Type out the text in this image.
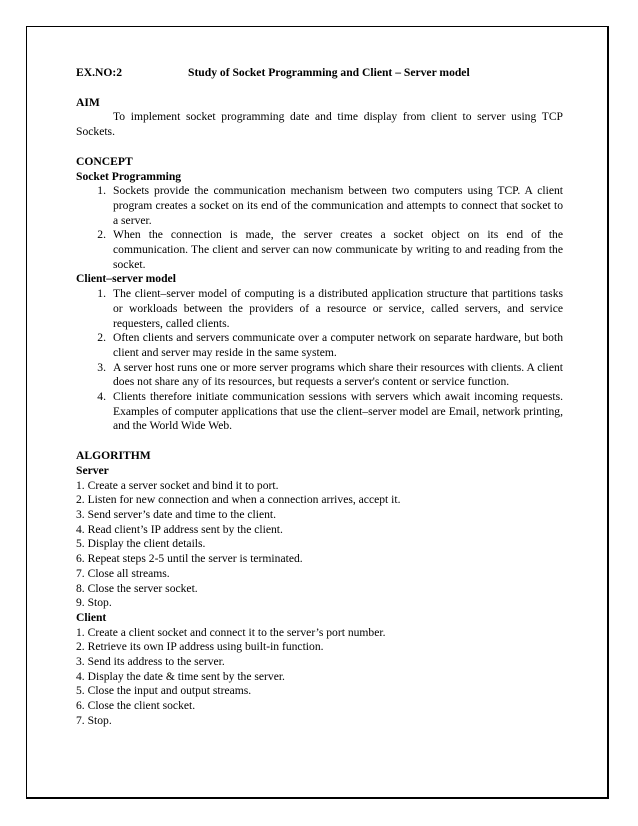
EX.NO:2	Study of Socket Programming and Client – Server model
AIM
To implement socket programming date and time display from client to server using TCP Sockets.
CONCEPT
Socket Programming
1. Sockets provide the communication mechanism between two computers using TCP. A client program creates a socket on its end of the communication and attempts to connect that socket to a server.
2. When the connection is made, the server creates a socket object on its end of the communication. The client and server can now communicate by writing to and reading from the socket.
Client–server model
1. The client–server model of computing is a distributed application structure that partitions tasks or workloads between the providers of a resource or service, called servers, and service requesters, called clients.
2. Often clients and servers communicate over a computer network on separate hardware, but both client and server may reside in the same system.
3. A server host runs one or more server programs which share their resources with clients. A client does not share any of its resources, but requests a server's content or service function.
4. Clients therefore initiate communication sessions with servers which await incoming requests. Examples of computer applications that use the client–server model are Email, network printing, and the World Wide Web.
ALGORITHM
Server
1. Create a server socket and bind it to port.
2. Listen for new connection and when a connection arrives, accept it.
3. Send server’s date and time to the client.
4. Read client’s IP address sent by the client.
5. Display the client details.
6. Repeat steps 2-5 until the server is terminated.
7. Close all streams.
8. Close the server socket.
9. Stop.
Client
1. Create a client socket and connect it to the server’s port number.
2. Retrieve its own IP address using built-in function.
3. Send its address to the server.
4. Display the date & time sent by the server.
5. Close the input and output streams.
6. Close the client socket.
7. Stop.
